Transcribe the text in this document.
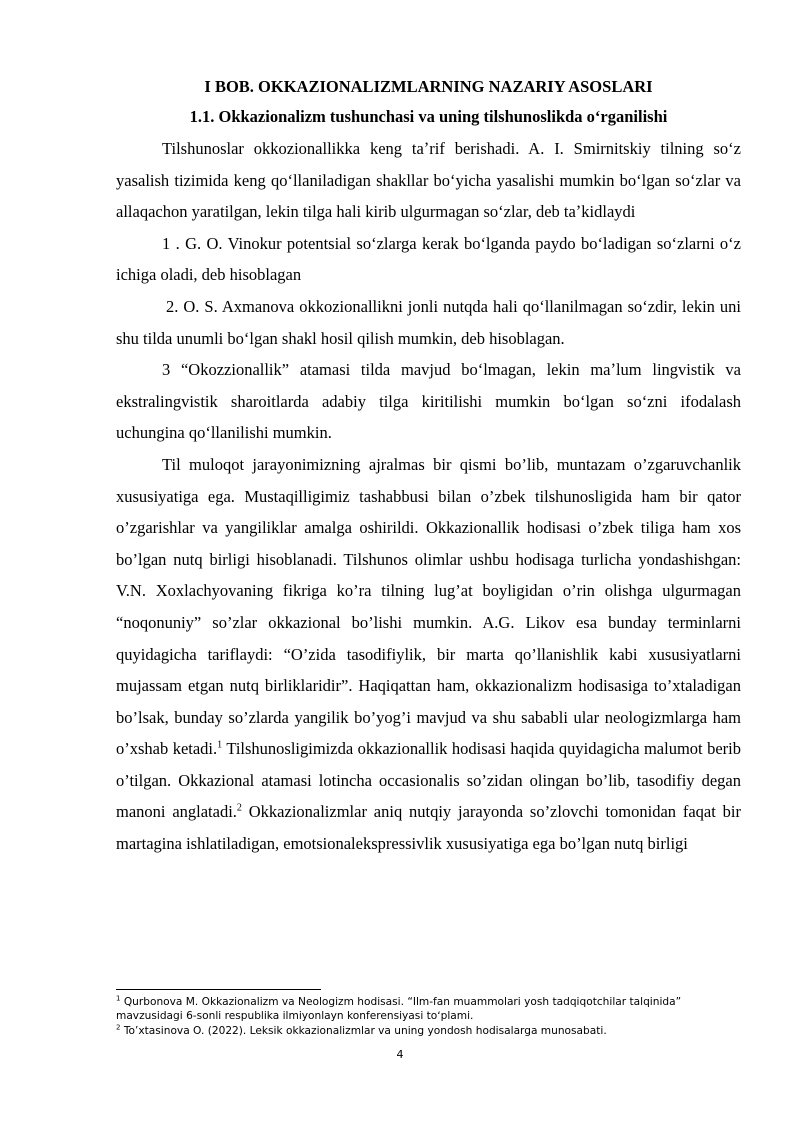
I BOB. OKKAZIONALIZMLARNING NAZARIY ASOSLARI
1.1. Okkazionalizm tushunchasi va uning tilshunoslikda oʻrganilishi

Tilshunoslar okkozionallikka keng taʼrif berishadi. A. I. Smirnitskiy tilning soʻz yasalish tizimida keng qoʻllaniladigan shakllar boʻyicha yasalishi mumkin boʻlgan soʻzlar va allaqachon yaratilgan, lekin tilga hali kirib ulgurmagan soʻzlar, deb taʼkidlaydi

1 . G. O. Vinokur potentsial soʻzlarga kerak boʻlganda paydo boʻladigan soʻzlarni oʻz ichiga oladi, deb hisoblagan

2. O. S. Axmanova okkozionallikni jonli nutqda hali qoʻllanilmagan soʻzdir, lekin uni shu tilda unumli boʻlgan shakl hosil qilish mumkin, deb hisoblagan.

3 “Okozzionallik” atamasi tilda mavjud boʻlmagan, lekin maʼlum lingvistik va ekstralingvistik sharoitlarda adabiy tilga kiritilishi mumkin boʻlgan soʻzni ifodalash uchungina qoʻllanilishi mumkin.

Til muloqot jarayonimizning ajralmas bir qismi bo’lib, muntazam o’zgaruvchanlik xususiyatiga ega. Mustaqilligimiz tashabbusi bilan o’zbek tilshunosligida ham bir qator o’zgarishlar va yangiliklar amalga oshirildi. Okkazionallik hodisasi o’zbek tiliga ham xos bo’lgan nutq birligi hisoblanadi. Tilshunos olimlar ushbu hodisaga turlicha yondashishgan: V.N. Xoxlachyovaning fikriga ko’ra tilning lug’at boyligidan o’rin olishga ulgurmagan “noqonuniy” so’zlar okkazional bo’lishi mumkin. A.G. Likov esa bunday terminlarni quyidagicha tariflaydi: “O’zida tasodifiylik, bir marta qo’llanishlik kabi xususiyatlarni mujassam etgan nutq birliklaridir”. Haqiqattan ham, okkazionalizm hodisasiga to’xtaladigan bo’lsak, bunday so’zlarda yangilik bo’yog’i mavjud va shu sababli ular neologizmlarga ham o’xshab ketadi.$^1$ Tilshunosligimizda okkazionallik hodisasi haqida quyidagicha malumot berib o’tilgan. Okkazional atamasi lotincha occasionalis so’zidan olingan bo’lib, tasodifiy degan manoni anglatadi.$^2$ Okkazionalizmlar aniq nutqiy jarayonda so’zlovchi tomonidan faqat bir martagina ishlatiladigan, emotsionalekspressivlik xususiyatiga ega bo’lgan nutq birligi

$^1$ Qurbonova M. Okkazionalizm va Neologizm hodisasi. “Ilm-fan muammolari yosh tadqiqotchilar talqinida” mavzusidagi 6-sonli respublika ilmiyonlayn konferensiyasi toʻplami.
$^2$ To’xtasinova O. (2022). Leksik okkazionalizmlar va uning yondosh hodisalarga munosabati.
4
